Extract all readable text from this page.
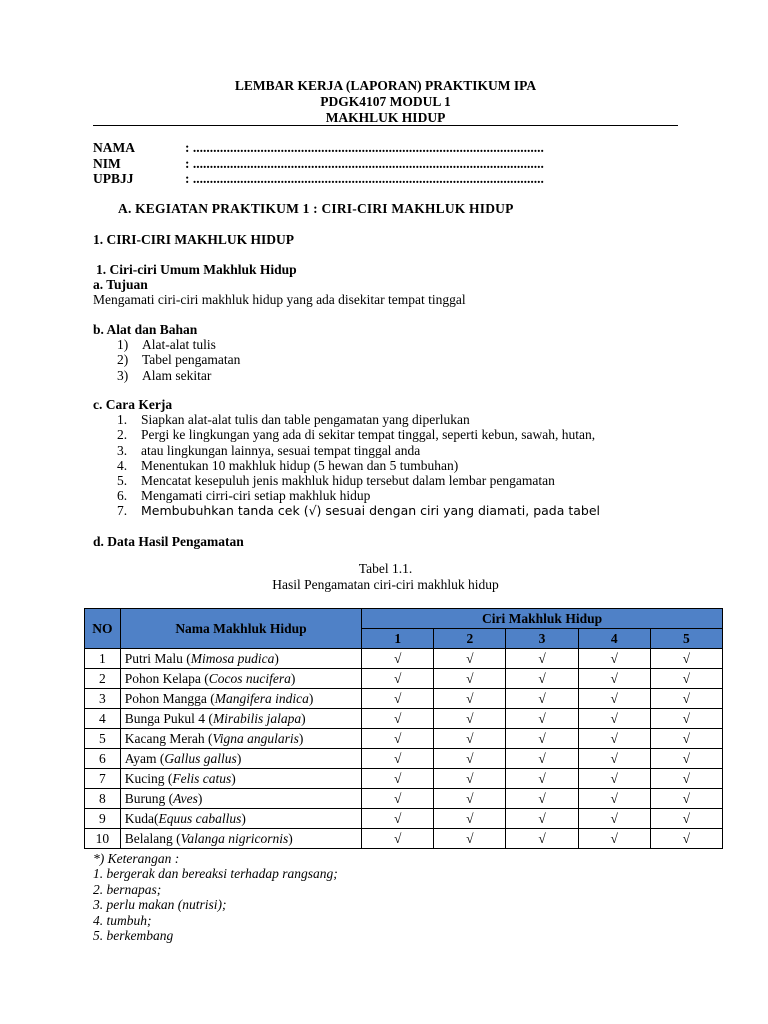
LEMBAR KERJA (LAPORAN) PRAKTIKUM IPA
PDGK4107 MODUL 1
MAKHLUK HIDUP
NAMA	: ........................................................................................................
NIM	: ........................................................................................................
UPBJJ	: ........................................................................................................
A. KEGIATAN PRAKTIKUM 1 : CIRI-CIRI MAKHLUK HIDUP
1. CIRI-CIRI MAKHLUK HIDUP
1. Ciri-ciri Umum Makhluk Hidup
a. Tujuan
Mengamati ciri-ciri makhluk hidup yang ada disekitar tempat tinggal
b. Alat dan Bahan
1)	Alat-alat tulis
2)	Tabel pengamatan
3)	Alam sekitar
c. Cara Kerja
1.	Siapkan alat-alat tulis dan table pengamatan yang diperlukan
2.	Pergi ke lingkungan yang ada di sekitar tempat tinggal, seperti kebun, sawah, hutan,
3.	atau lingkungan lainnya, sesuai tempat tinggal anda
4.	Menentukan 10 makhluk hidup (5 hewan dan 5 tumbuhan)
5.	Mencatat kesepuluh jenis makhluk hidup tersebut dalam lembar pengamatan
6.	Mengamati cirri-ciri setiap makhluk hidup
7.	Membubuhkan tanda cek (√) sesuai dengan ciri yang diamati, pada tabel
d. Data Hasil Pengamatan
Tabel 1.1.
Hasil Pengamatan ciri-ciri makhluk hidup
NO	Nama Makhluk Hidup	Ciri Makhluk Hidup				
		1	2	3	4	5
1	Putri Malu (Mimosa pudica)	√	√	√	√	√
2	Pohon Kelapa (Cocos nucifera)	√	√	√	√	√
3	Pohon Mangga (Mangifera indica)	√	√	√	√	√
4	Bunga Pukul 4 (Mirabilis jalapa)	√	√	√	√	√
5	Kacang Merah (Vigna angularis)	√	√	√	√	√
6	Ayam (Gallus gallus)	√	√	√	√	√
7	Kucing (Felis catus)	√	√	√	√	√
8	Burung (Aves)	√	√	√	√	√
9	Kuda(Equus caballus)	√	√	√	√	√
10	Belalang (Valanga nigricornis)	√	√	√	√	√
*) Keterangan :
1. bergerak dan bereaksi terhadap rangsang;
2. bernapas;
3. perlu makan (nutrisi);
4. tumbuh;
5. berkembang
